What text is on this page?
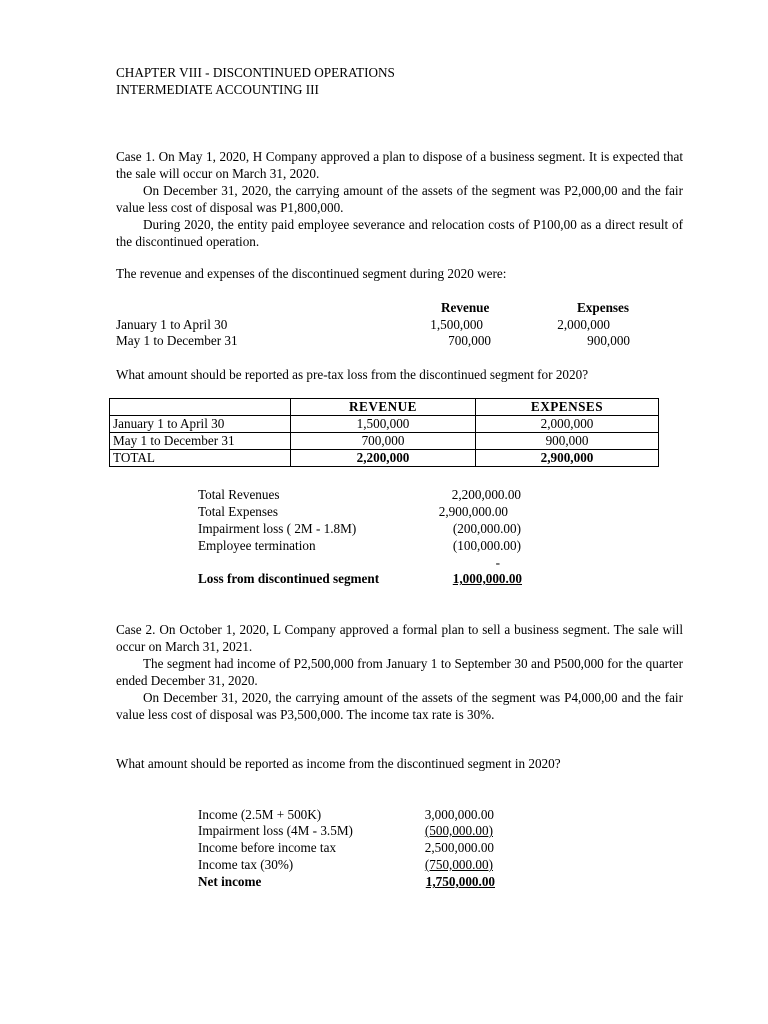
CHAPTER VIII - DISCONTINUED OPERATIONS
INTERMEDIATE ACCOUNTING III

Case 1. On May 1, 2020, H Company approved a plan to dispose of a business segment. It is expected that the sale will occur on March 31, 2020.

On December 31, 2020, the carrying amount of the assets of the segment was P2,000,00 and the fair value less cost of disposal was P1,800,000.

During 2020, the entity paid employee severance and relocation costs of P100,00 as a direct result of the discontinued operation.

The revenue and expenses of the discontinued segment during 2020 were:
Revenue	Expenses
January 1 to April 30	1,500,000	2,000,000
May 1 to December 31	700,000	900,000
What amount should be reported as pre-tax loss from the discontinued segment for 2020?
	REVENUE	EXPENSES
January 1 to April 30	1,500,000	2,000,000
May 1 to December 31	700,000	900,000
TOTAL	2,200,000	2,900,000
Total Revenues	2,200,000.00
Total Expenses	2,900,000.00
Impairment loss ( 2M - 1.8M)	(200,000.00)
Employee termination	(100,000.00)
-
Loss from discontinued segment	1,000,000.00

Case 2. On October 1, 2020, L Company approved a formal plan to sell a business segment. The sale will occur on March 31, 2021.

The segment had income of P2,500,000 from January 1 to September 30 and P500,000 for the quarter ended December 31, 2020.

On December 31, 2020, the carrying amount of the assets of the segment was P4,000,00 and the fair value less cost of disposal was P3,500,000. The income tax rate is 30%.

What amount should be reported as income from the discontinued segment in 2020?
Income (2.5M + 500K)	3,000,000.00
Impairment loss (4M - 3.5M)	(500,000.00)
Income before income tax	2,500,000.00
Income tax (30%)	(750,000.00)
Net income	1,750,000.00
